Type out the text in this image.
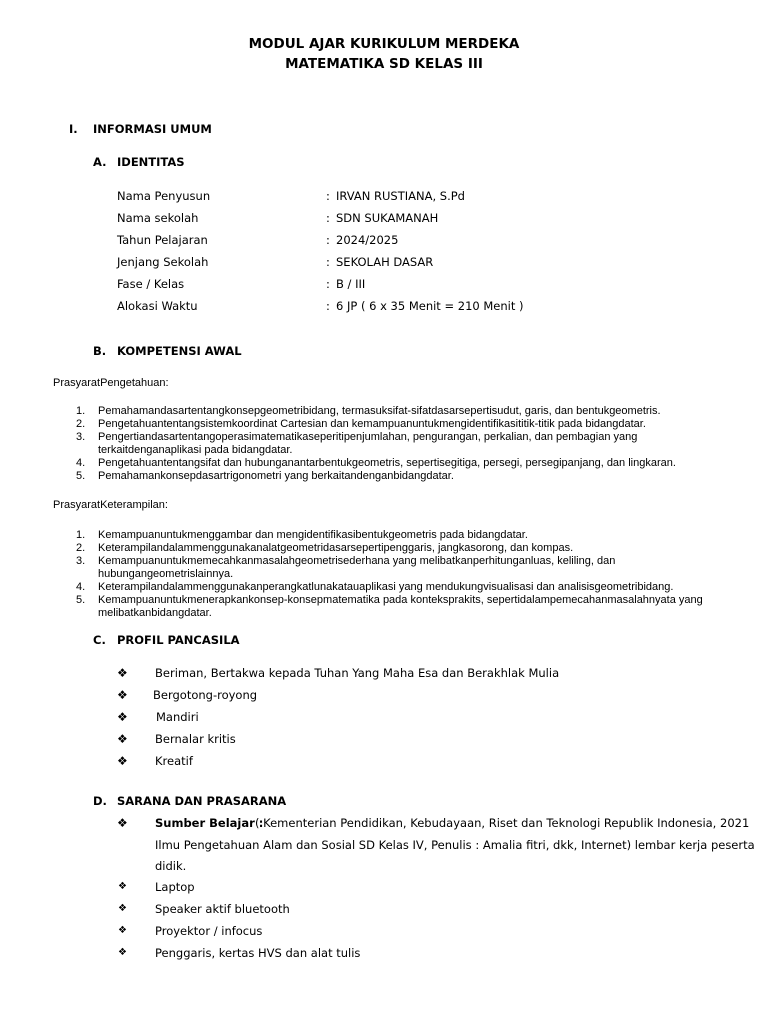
MODUL AJAR KURIKULUM MERDEKA
MATEMATIKA SD KELAS III
I. INFORMASI UMUM
A. IDENTITAS
Nama Penyusun	: IRVAN RUSTIANA, S.Pd
Nama sekolah	: SDN SUKAMANAH
Tahun Pelajaran	: 2024/2025
Jenjang Sekolah	: SEKOLAH DASAR
Fase / Kelas	: B / III
Alokasi Waktu	: 6 JP ( 6 x 35 Menit = 210 Menit )
B. KOMPETENSI AWAL
PrasyaratPengetahuan:
1. Pemahamandasartentangkonsepgeometribidang, termasuksifat-sifatdasarsepertisudut, garis, dan bentukgeometris.
2. Pengetahuantentangsistemkoordinat Cartesian dan kemampuanuntukmengidentifikasititik-titik pada bidangdatar.
3. Pengertiandasartentangoperasimatematikaseperitipenjumlahan, pengurangan, perkalian, dan pembagian yang
terkaitdenganaplikasi pada bidangdatar.
4. Pengetahuantentangsifat dan hubunganantarbentukgeometris, sepertisegitiga, persegi, persegipanjang, dan lingkaran.
5. Pemahamankonsepdasartrigonometri yang berkaitandenganbidangdatar.
PrasyaratKeterampilan:
1. Kemampuanuntukmenggambar dan mengidentifikasibentukgeometris pada bidangdatar.
2. Keterampilandalammenggunakanalatgeometridasarsepertipenggaris, jangkasorong, dan kompas.
3. Kemampuanuntukmemecahkanmasalahgeometrisederhana yang melibatkanperhitunganluas, keliling, dan
hubungangeometrislainnya.
4. Keterampilandalammenggunakanperangkatlunakatauaplikasi yang mendukungvisualisasi dan analisisgeometribidang.
5. Kemampuanuntukmenerapkankonsep-konsepmatematika pada konteksprakits, sepertidalampemecahanmasalahnyata yang
melibatkanbidangdatar.
C. PROFIL PANCASILA
❖ Beriman, Bertakwa kepada Tuhan Yang Maha Esa dan Berakhlak Mulia
❖ Bergotong-royong
❖ Mandiri
❖ Bernalar kritis
❖ Kreatif
D. SARANA DAN PRASARANA
❖ Sumber Belajar :
( Kementerian Pendidikan, Kebudayaan, Riset dan Teknologi Republik Indonesia, 2021
Ilmu Pengetahuan Alam dan Sosial SD Kelas IV, Penulis : Amalia fitri, dkk, Internet) lembar kerja peserta
didik.
❖ Laptop
❖ Speaker aktif bluetooth
❖ Proyektor / infocus
❖ Penggaris, kertas HVS dan alat tulis
